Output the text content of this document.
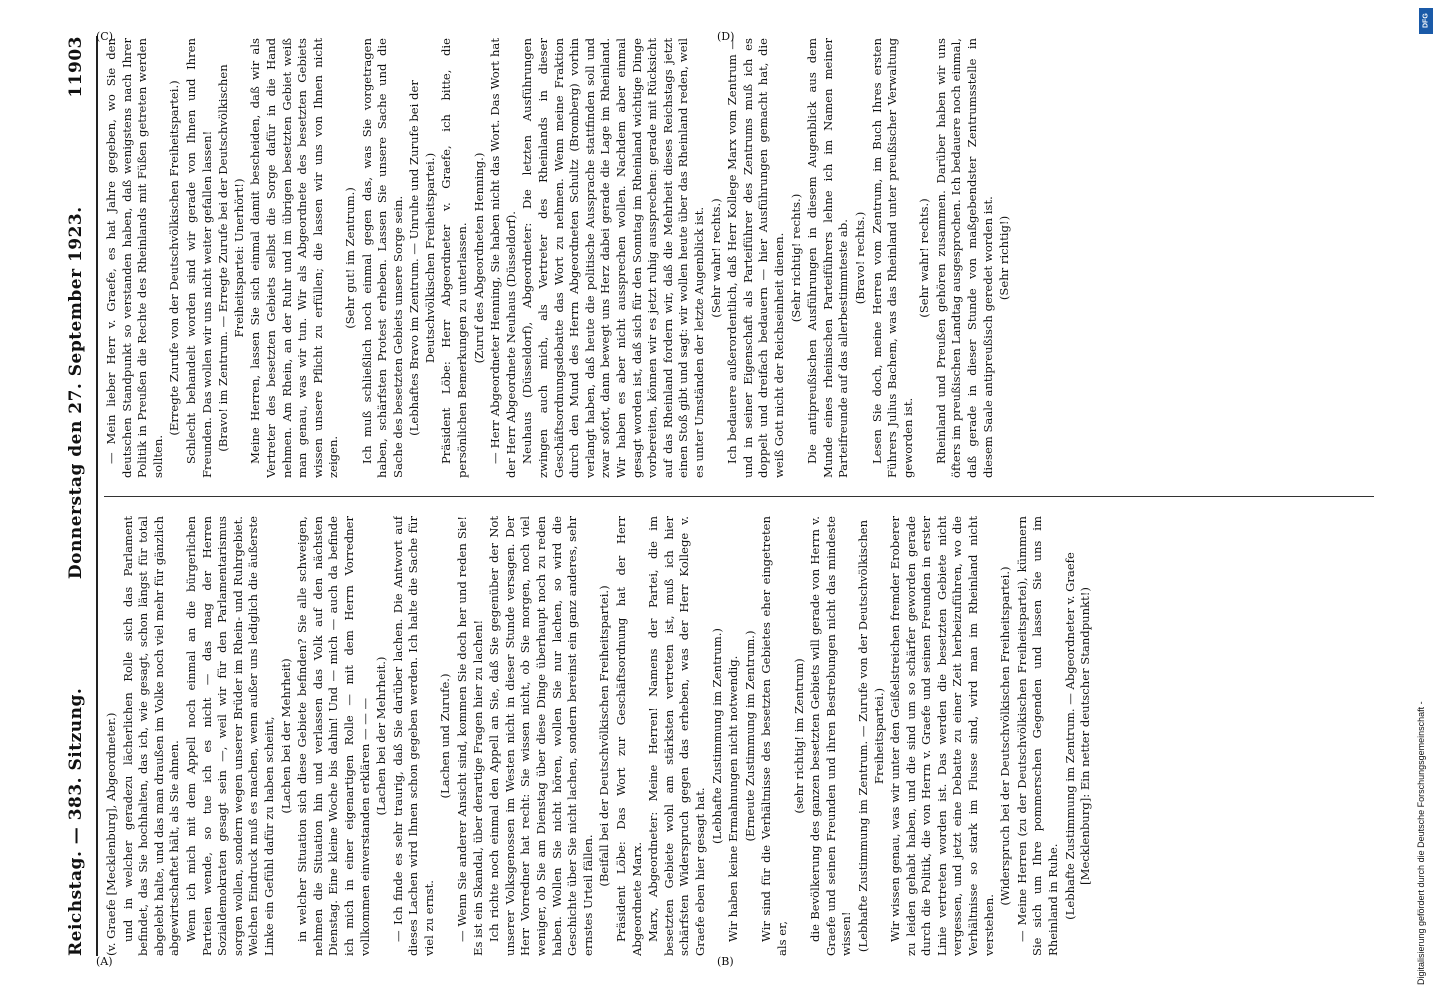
Reichstag. — 383. Sitzung.
Donnerstag den 27. September 1923.
11903

(v. Graefe [Mecklenburg], Abgeordneter.) und in welcher geradezu lächerlichen Rolle sich das Parlament befindet, das Sie hochhalten, das ich, wie gesagt, schon längst für total abgelebt halte, und das man draußen im Volke noch viel mehr für gänzlich abgewirtschaftet hält, als Sie ahnen. Wenn ich mich mit dem Appell noch einmal an die bürgerlichen Parteien wende, so tue ich es nicht — das mag der Herren Sozialdemokraten gesagt sein —, weil wir für den Parlamentarismus sorgen wollen, sondern wegen unserer Brüder im Rhein- und Ruhrgebiet. Welchen Eindruck muß es machen, wenn außer uns lediglich die äußerste Linke ein Gefühl dafür zu haben scheint, (Lachen bei der Mehrheit) in welcher Situation sich diese Gebiete befinden? Sie alle schweigen, nehmen die Situation hin und verlassen das Volk auf den nächsten Dienstag. Eine kleine Woche bis dahin! Und — mich — auch da befinde ich mich in einer eigenartigen Rolle — mit dem Herrn Vorredner vollkommen einverstanden erklären — — — (Lachen bei der Mehrheit.) — Ich finde es sehr traurig, daß Sie darüber lachen. Die Antwort auf dieses Lachen wird Ihnen schon gegeben werden. Ich halte die Sache für viel zu ernst.

(Lachen und Zurufe.) — Wenn Sie anderer Ansicht sind, kommen Sie doch her und reden Sie! Es ist ein Skandal, über derartige Fragen hier zu lachen! Ich richte noch einmal den Appell an Sie, daß Sie gegenüber der Not unserer Volksgenossen im Westen nicht in dieser Stunde versagen. Der Herr Vorredner hat recht: Sie wissen nicht, ob Sie morgen, noch viel weniger, ob Sie am Dienstag über diese Dinge überhaupt noch zu reden haben. Wollen Sie nicht hören, wollen Sie nur lachen, so wird die Geschichte über Sie nicht lachen, sondern bereinst ein ganz anderes, sehr ernstes Urteil fällen.

(Beifall bei der Deutschvölkischen Freiheitspartei.) Präsident Löbe: Das Wort zur Geschäftsordnung hat der Herr Abgeordnete Marx. Marx, Abgeordneter: Meine Herren! Namens der Partei, die im besetzten Gebiete wohl am stärksten vertreten ist, muß ich hier schärfsten Widerspruch gegen das erheben, was der Herr Kollege v. Graefe eben hier gesagt hat.

(Lebhafte Zustimmung im Zentrum.) Wir haben keine Ermahnungen nicht notwendig. (Erneute Zustimmung im Zentrum.) Wir sind für die Verhältnisse des besetzten Gebietes eher eingetreten als er,

(sehr richtig! im Zentrum) die Bevölkerung des ganzen besetzten Gebiets will gerade von Herrn v. Graefe und seinen Freunden und ihren Bestrebungen nicht das mindeste wissen! (Lebhafte Zustimmung im Zentrum. — Zurufe von der Deutschvölkischen Freiheitspartei.) Wir wissen genau, was wir unter den Geißelstreichen fremder Eroberer zu leiden gehabt haben, und die sind um so schärfer geworden gerade durch die Politik, die von Herrn v. Graefe und seinen Freunden in erster Linie vertreten worden ist. Das werden die besetzten Gebiete nicht vergessen, und jetzt eine Debatte zu einer Zeit herbeizuführen, wo die Verhältnisse so stark im Flusse sind, wird man im Rheinland nicht verstehen.

(Widerspruch bei der Deutschvölkischen Freiheitspartei.) — Meine Herren (zu der Deutschvölkischen Freiheitspartei), kümmern Sie sich um Ihre pommerschen Gegenden und lassen Sie uns im Rheinland in Ruhe. (Lebhafte Zustimmung im Zentrum. — Abgeordneter v. Graefe [Mecklenburg]: Ein netter deutscher Standpunkt!)

— Mein lieber Herr v. Graefe, es hat Jahre gegeben, wo Sie den deutschen Standpunkt so verstanden haben, daß wenigstens nach Ihrer Politik in Preußen die Rechte des Rheinlands mit Füßen getreten werden sollten.

(Erregte Zurufe von der Deutschvölkischen Freiheitspartei.) Schlecht behandelt worden sind wir gerade von Ihnen und Ihren Freunden. Das wollen wir uns nicht weiter gefallen lassen! (Bravo! im Zentrum. — Erregte Zurufe bei der Deutschvölkischen Freiheitspartei: Unerhört!) Meine Herren, lassen Sie sich einmal damit bescheiden, daß wir als Vertreter des besetzten Gebiets selbst die Sorge dafür in die Hand nehmen. Am Rhein, an der Ruhr und im übrigen besetzten Gebiet weiß man genau, was wir tun. Wir als Abgeordnete des besetzten Gebiets wissen unsere Pflicht zu erfüllen; die lassen wir uns von Ihnen nicht zeigen.

(Sehr gut! im Zentrum.) Ich muß schließlich noch einmal gegen das, was Sie vorgetragen haben, schärfsten Protest erheben. Lassen Sie unsere Sache und die Sache des besetzten Gebiets unsere Sorge sein. (Lebhaftes Bravo im Zentrum. — Unruhe und Zurufe bei der Deutschvölkischen Freiheitspartei.) Präsident Löbe: Herr Abgeordneter v. Graefe, ich bitte, die persönlichen Bemerkungen zu unterlassen. (Zuruf des Abgeordneten Henning.) — Herr Abgeordneter Henning, Sie haben nicht das Wort. Das Wort hat der Herr Abgeordnete Neuhaus (Düsseldorf). Neuhaus (Düsseldorf), Abgeordneter: Die letzten Ausführungen zwingen auch mich, als Vertreter des Rheinlands in dieser Geschäftsordnungsdebatte das Wort zu nehmen. Wenn meine Fraktion durch den Mund des Herrn Abgeordneten Schultz (Bromberg) vorhin verlangt haben, daß heute die politische Aussprache stattfinden soll und zwar sofort, dann bewegt uns Herz dabei gerade die Lage im Rheinland. Wir haben es aber nicht aussprechen wollen. Nachdem aber einmal gesagt worden ist, daß sich für den Sonntag im Rheinland wichtige Dinge vorbereiten, können wir es jetzt ruhig aussprechen: gerade mit Rücksicht auf das Rheinland fordern wir, daß die Mehrheit dieses Reichstags jetzt einen Stoß gibt und sagt: wir wollen heute über das Rheinland reden, weil es unter Umständen der letzte Augenblick ist. (Sehr wahr! rechts.) Ich bedauere außerordentlich, daß Herr Kollege Marx vom Zentrum — und in seiner Eigenschaft als Parteiführer des Zentrums muß ich es doppelt und dreifach bedauern — hier Ausführungen gemacht hat, die weiß Gott nicht der Reichseinheit dienen. (Sehr richtig! rechts.) Die antipreußischen Ausführungen in diesem Augenblick aus dem Munde eines rheinischen Parteiführers lehne ich im Namen meiner Parteifreunde auf das allerbestimmteste ab. (Bravo! rechts.) Lesen Sie doch, meine Herren vom Zentrum, im Buch Ihres ersten Führers Julius Bachem, was das Rheinland unter preußischer Verwaltung geworden ist.

(Sehr wahr! rechts.) Rheinland und Preußen gehören zusammen. Darüber haben wir uns öfters im preußischen Landtag ausgesprochen. Ich bedauere noch einmal, daß gerade in dieser Stunde von maßgebendster Zentrumsstelle in diesem Saale antipreußisch geredet worden ist. (Sehr richtig!)

(A)	(B)
(C)	(D)
DFG
Digitalisierung gefördert durch die Deutsche Forschungsgemeinschaft -
